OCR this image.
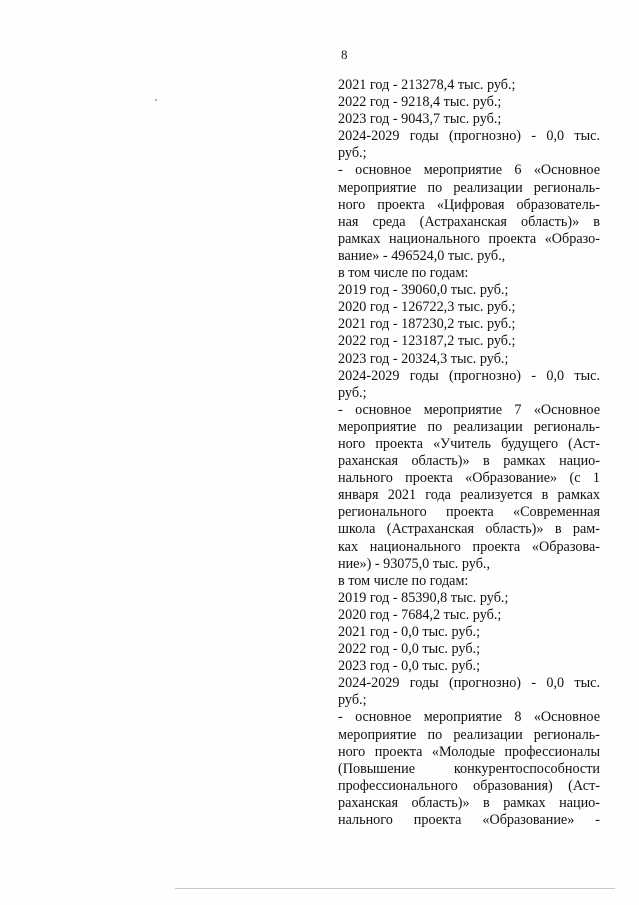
8
2021 год - 213278,4 тыс. руб.;
2022 год - 9218,4 тыс. руб.;
2023 год - 9043,7 тыс. руб.;
2024-2029 годы (прогнозно) - 0,0 тыс.
руб.;
- основное мероприятие 6 «Основное
мероприятие по реализации региональ-
ного проекта «Цифровая образователь-
ная среда (Астраханская область)» в
рамках национального проекта «Образо-
вание» - 496524,0 тыс. руб.,
в том числе по годам:
2019 год - 39060,0 тыс. руб.;
2020 год - 126722,3 тыс. руб.;
2021 год - 187230,2 тыс. руб.;
2022 год - 123187,2 тыс. руб.;
2023 год - 20324,3 тыс. руб.;
2024-2029 годы (прогнозно) - 0,0 тыс.
руб.;
- основное мероприятие 7 «Основное
мероприятие по реализации региональ-
ного проекта «Учитель будущего (Аст-
раханская область)» в рамках нацио-
нального проекта «Образование» (с 1
января 2021 года реализуется в рамках
регионального проекта «Современная
школа (Астраханская область)» в рам-
ках национального проекта «Образова-
ние») - 93075,0 тыс. руб.,
в том числе по годам:
2019 год - 85390,8 тыс. руб.;
2020 год - 7684,2 тыс. руб.;
2021 год - 0,0 тыс. руб.;
2022 год - 0,0 тыс. руб.;
2023 год - 0,0 тыс. руб.;
2024-2029 годы (прогнозно) - 0,0 тыс.
руб.;
- основное мероприятие 8 «Основное
мероприятие по реализации региональ-
ного проекта «Молодые профессионалы
(Повышение конкурентоспособности
профессионального образования) (Аст-
раханская область)» в рамках нацио-
нального проекта «Образование» -
